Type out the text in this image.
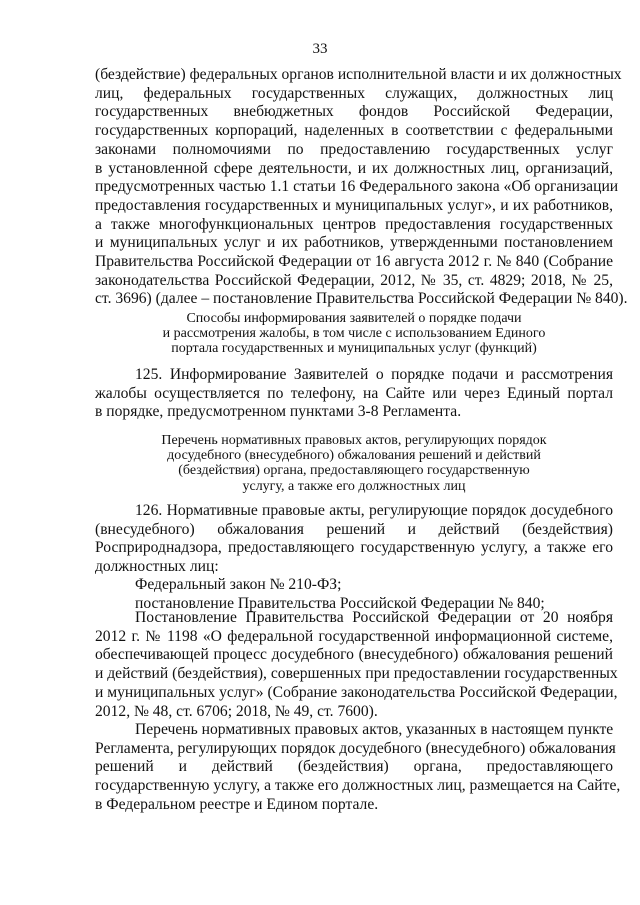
33
(бездействие) федеральных органов исполнительной власти и их должностных
лиц, федеральных государственных служащих, должностных лиц
государственных внебюджетных фондов Российской Федерации,
государственных корпораций, наделенных в соответствии с федеральными
законами полномочиями по предоставлению государственных услуг
в установленной сфере деятельности, и их должностных лиц, организаций,
предусмотренных частью 1.1 статьи 16 Федерального закона «Об организации
предоставления государственных и муниципальных услуг», и их работников,
а также многофункциональных центров предоставления государственных
и муниципальных услуг и их работников, утвержденными постановлением
Правительства Российской Федерации от 16 августа 2012 г. № 840 (Собрание
законодательства Российской Федерации, 2012, № 35, ст. 4829; 2018, № 25,
ст. 3696) (далее – постановление Правительства Российской Федерации № 840).
Способы информирования заявителей о порядке подачи
и рассмотрения жалобы, в том числе с использованием Единого
портала государственных и муниципальных услуг (функций)
125. Информирование Заявителей о порядке подачи и рассмотрения
жалобы осуществляется по телефону, на Сайте или через Единый портал
в порядке, предусмотренном пунктами 3-8 Регламента.
Перечень нормативных правовых актов, регулирующих порядок
досудебного (внесудебного) обжалования решений и действий
(бездействия) органа, предоставляющего государственную
услугу, а также его должностных лиц
126. Нормативные правовые акты, регулирующие порядок досудебного
(внесудебного) обжалования решений и действий (бездействия)
Росприроднадзора, предоставляющего государственную услугу, а также его
должностных лиц:
Федеральный закон № 210-ФЗ;
постановление Правительства Российской Федерации № 840;
Постановление Правительства Российской Федерации от 20 ноября
2012 г. № 1198 «О федеральной государственной информационной системе,
обеспечивающей процесс досудебного (внесудебного) обжалования решений
и действий (бездействия), совершенных при предоставлении государственных
и муниципальных услуг» (Собрание законодательства Российской Федерации,
2012, № 48, ст. 6706; 2018, № 49, ст. 7600).
Перечень нормативных правовых актов, указанных в настоящем пункте
Регламента, регулирующих порядок досудебного (внесудебного) обжалования
решений и действий (бездействия) органа, предоставляющего
государственную услугу, а также его должностных лиц, размещается на Сайте,
в Федеральном реестре и Едином портале.
